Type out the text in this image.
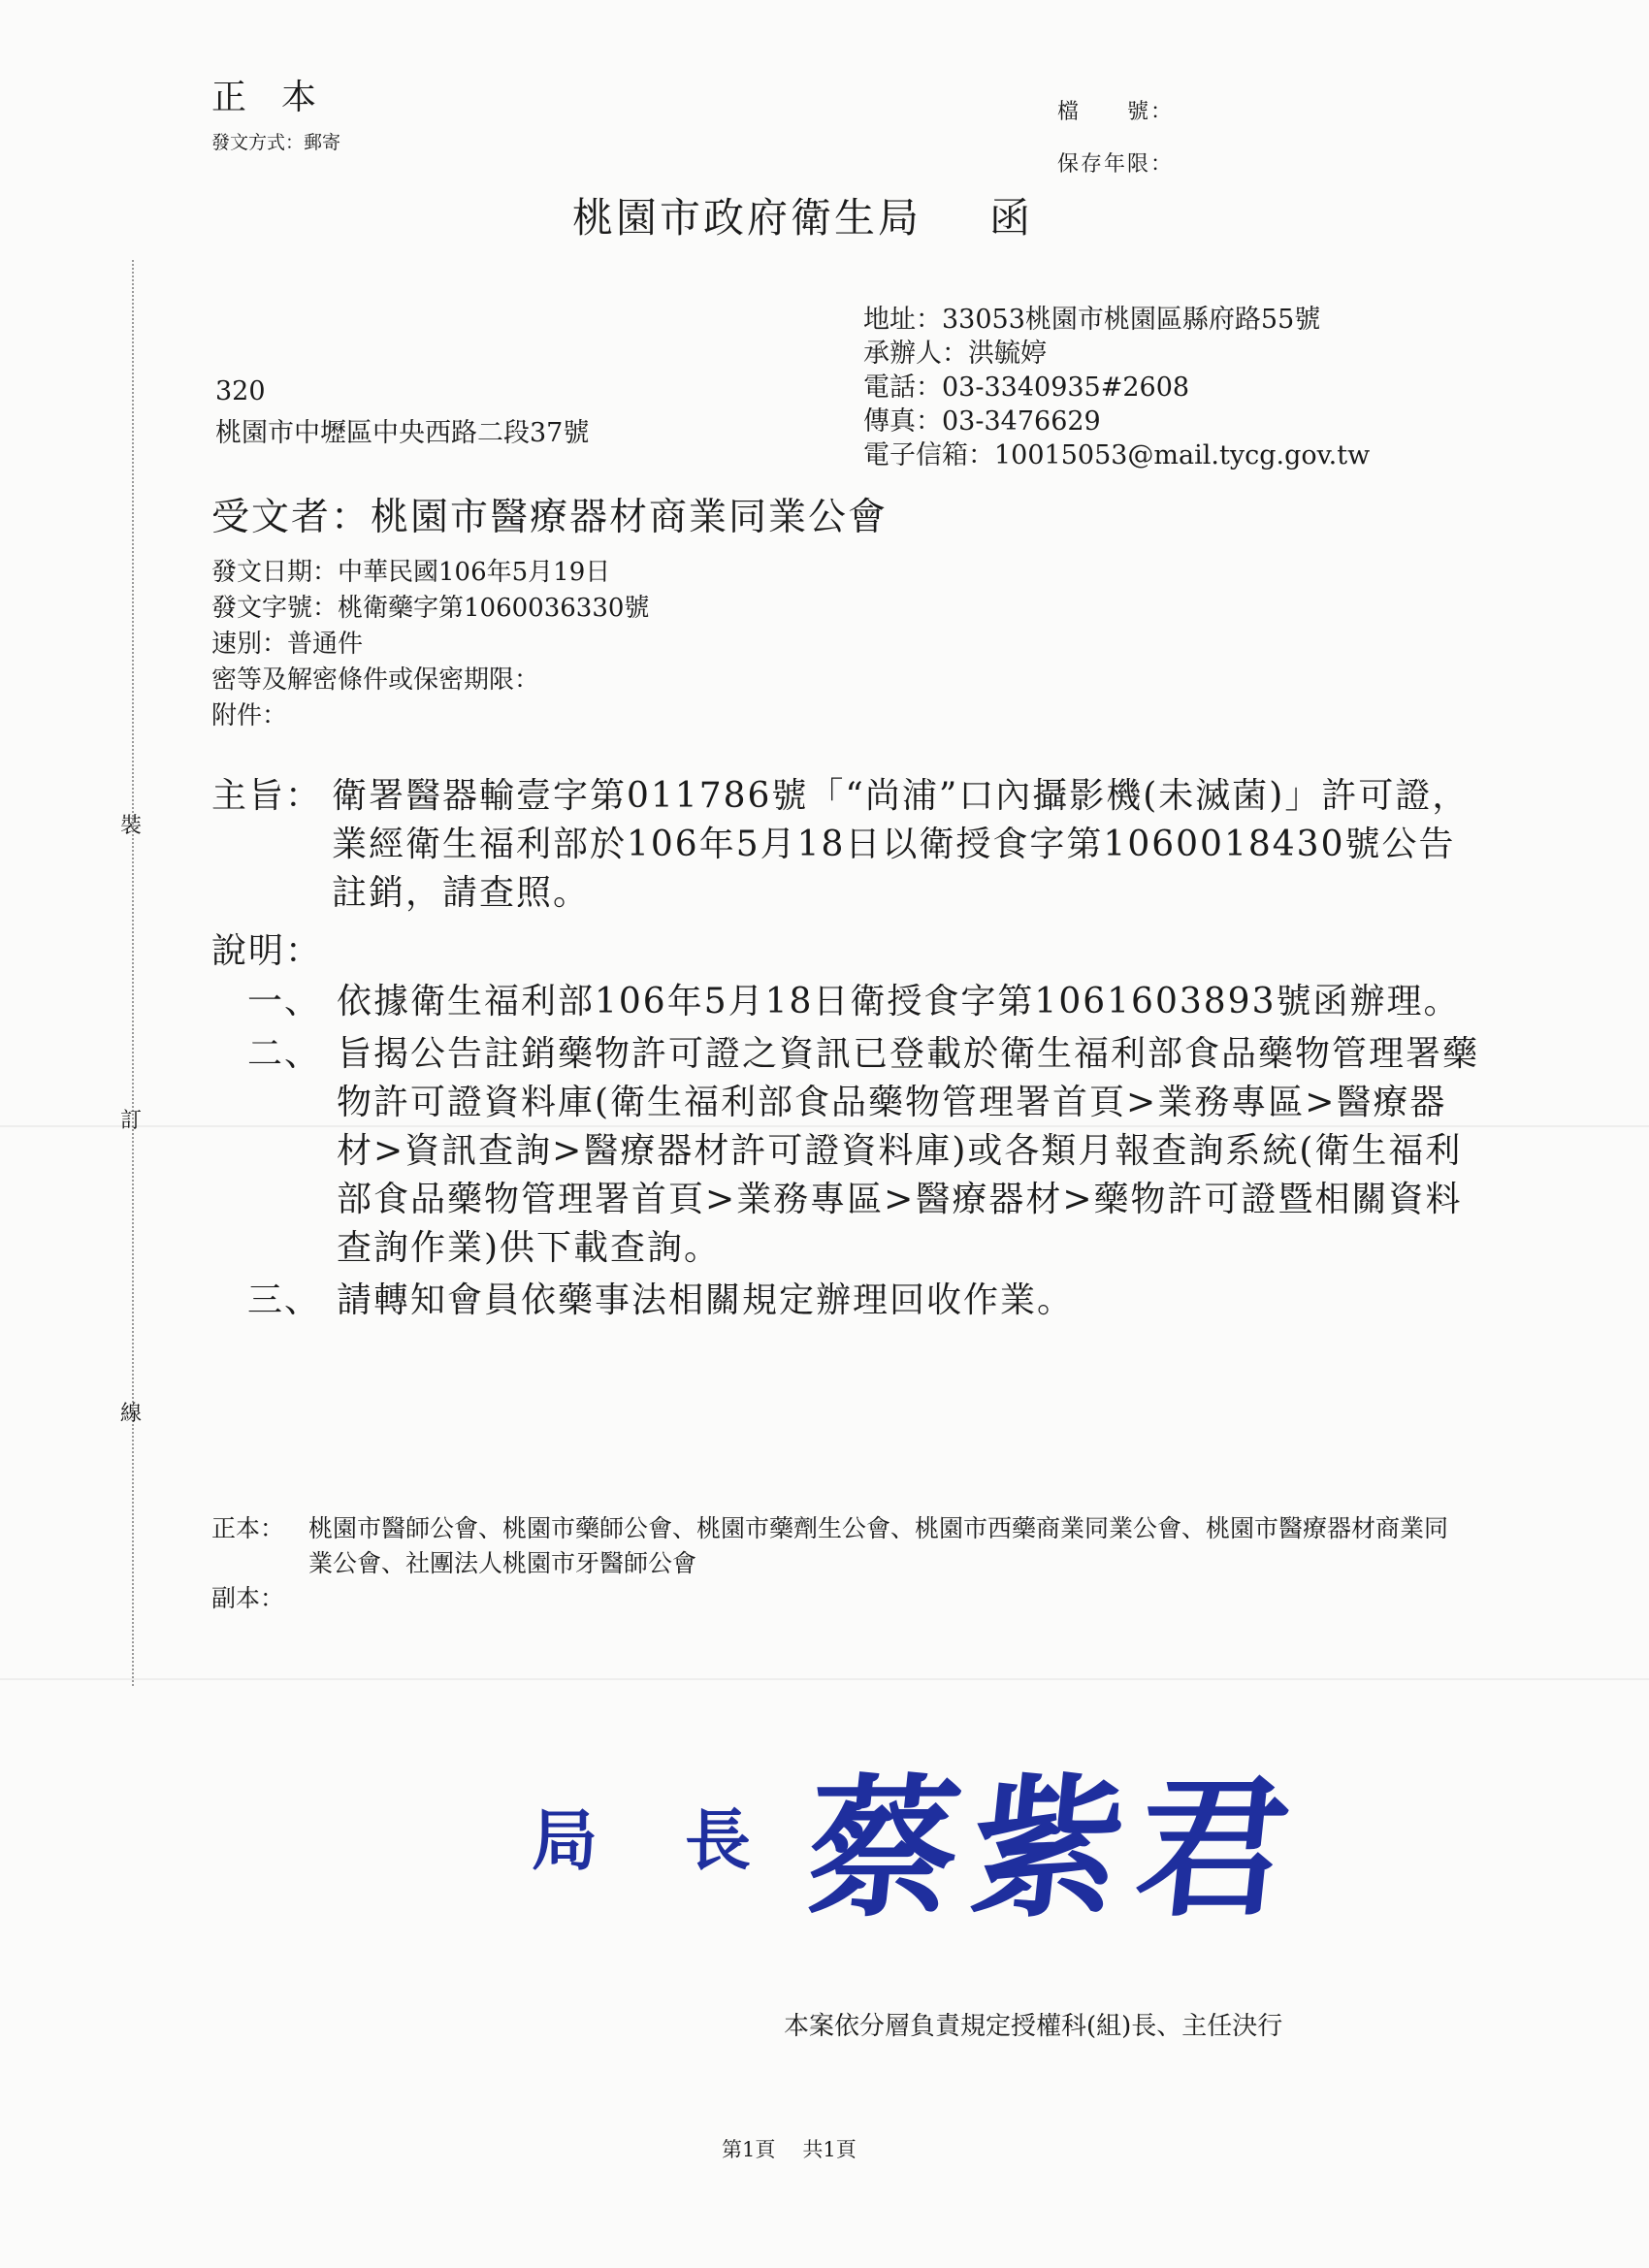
正本
發文方式：郵寄
檔　　號：
保存年限：
桃園市政府衛生局 函
地址：33053桃園市桃園區縣府路55號
承辦人：洪毓婷
電話：03-3340935#2608
傳真：03-3476629
電子信箱：10015053@mail.tycg.gov.tw
320
桃園市中壢區中央西路二段37號
受文者：桃園市醫療器材商業同業公會
發文日期：中華民國106年5月19日
發文字號：桃衛藥字第1060036330號
速別：普通件
密等及解密條件或保密期限：
附件：
主旨： 衛署醫器輸壹字第011786號「“尚浦”口內攝影機(未滅菌)」許可證，業經衛生福利部於106年5月18日以衛授食字第1060018430號公告註銷，請查照。
說明：
一、 依據衛生福利部106年5月18日衛授食字第1061603893號函辦理。
二、 旨揭公告註銷藥物許可證之資訊已登載於衛生福利部食品藥物管理署藥物許可證資料庫(衛生福利部食品藥物管理署首頁>業務專區>醫療器材>資訊查詢>醫療器材許可證資料庫)或各類月報查詢系統(衛生福利部食品藥物管理署首頁>業務專區>醫療器材>藥物許可證暨相關資料查詢作業)供下載查詢。
三、 請轉知會員依藥事法相關規定辦理回收作業。
正本： 桃園市醫師公會、桃園市藥師公會、桃園市藥劑生公會、桃園市西藥商業同業公會、桃園市醫療器材商業同業公會、社團法人桃園市牙醫師公會
副本：
裝
訂
線
局 長 蔡紫君
本案依分層負責規定授權科(組)長、主任決行
第1頁 共1頁
